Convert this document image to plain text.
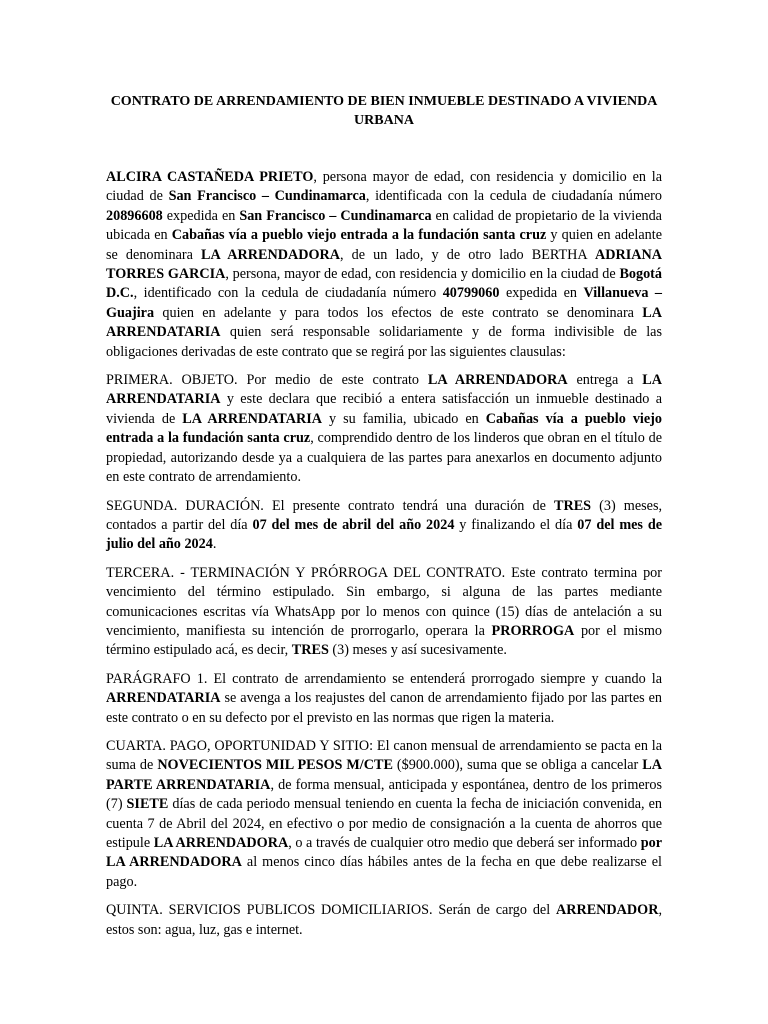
CONTRATO DE ARRENDAMIENTO DE BIEN INMUEBLE DESTINADO A VIVIENDA URBANA

ALCIRA CASTAÑEDA PRIETO, persona mayor de edad, con residencia y domicilio en la ciudad de San Francisco – Cundinamarca, identificada con la cedula de ciudadanía número 20896608 expedida en San Francisco – Cundinamarca en calidad de propietario de la vivienda ubicada en Cabañas vía a pueblo viejo entrada a la fundación santa cruz y quien en adelante se denominara LA ARRENDADORA, de un lado, y de otro lado BERTHA ADRIANA TORRES GARCIA, persona, mayor de edad, con residencia y domicilio en la ciudad de Bogotá D.C., identificado con la cedula de ciudadanía número 40799060 expedida en Villanueva – Guajira quien en adelante y para todos los efectos de este contrato se denominara LA ARRENDATARIA quien será responsable solidariamente y de forma indivisible de las obligaciones derivadas de este contrato que se regirá por las siguientes clausulas:

PRIMERA. OBJETO. Por medio de este contrato LA ARRENDADORA entrega a LA ARRENDATARIA y este declara que recibió a entera satisfacción un inmueble destinado a vivienda de LA ARRENDATARIA y su familia, ubicado en Cabañas vía a pueblo viejo entrada a la fundación santa cruz, comprendido dentro de los linderos que obran en el título de propiedad, autorizando desde ya a cualquiera de las partes para anexarlos en documento adjunto en este contrato de arrendamiento.

SEGUNDA. DURACIÓN. El presente contrato tendrá una duración de TRES (3) meses, contados a partir del día 07 del mes de abril del año 2024 y finalizando el día 07 del mes de julio del año 2024.

TERCERA. - TERMINACIÓN Y PRÓRROGA DEL CONTRATO. Este contrato termina por vencimiento del término estipulado. Sin embargo, si alguna de las partes mediante comunicaciones escritas vía WhatsApp por lo menos con quince (15) días de antelación a su vencimiento, manifiesta su intención de prorrogarlo, operara la PRORROGA por el mismo término estipulado acá, es decir, TRES (3) meses y así sucesivamente.

PARÁGRAFO 1. El contrato de arrendamiento se entenderá prorrogado siempre y cuando la ARRENDATARIA se avenga a los reajustes del canon de arrendamiento fijado por las partes en este contrato o en su defecto por el previsto en las normas que rigen la materia.

CUARTA. PAGO, OPORTUNIDAD Y SITIO: El canon mensual de arrendamiento se pacta en la suma de NOVECIENTOS MIL PESOS M/CTE ($900.000), suma que se obliga a cancelar LA PARTE ARRENDATARIA, de forma mensual, anticipada y espontánea, dentro de los primeros (7) SIETE días de cada periodo mensual teniendo en cuenta la fecha de iniciación convenida, en cuenta 7 de Abril del 2024, en efectivo o por medio de consignación a la cuenta de ahorros que estipule LA ARRENDADORA, o a través de cualquier otro medio que deberá ser informado por LA ARRENDADORA al menos cinco días hábiles antes de la fecha en que debe realizarse el pago.

QUINTA. SERVICIOS PUBLICOS DOMICILIARIOS. Serán de cargo del ARRENDADOR, estos son: agua, luz, gas e internet.
